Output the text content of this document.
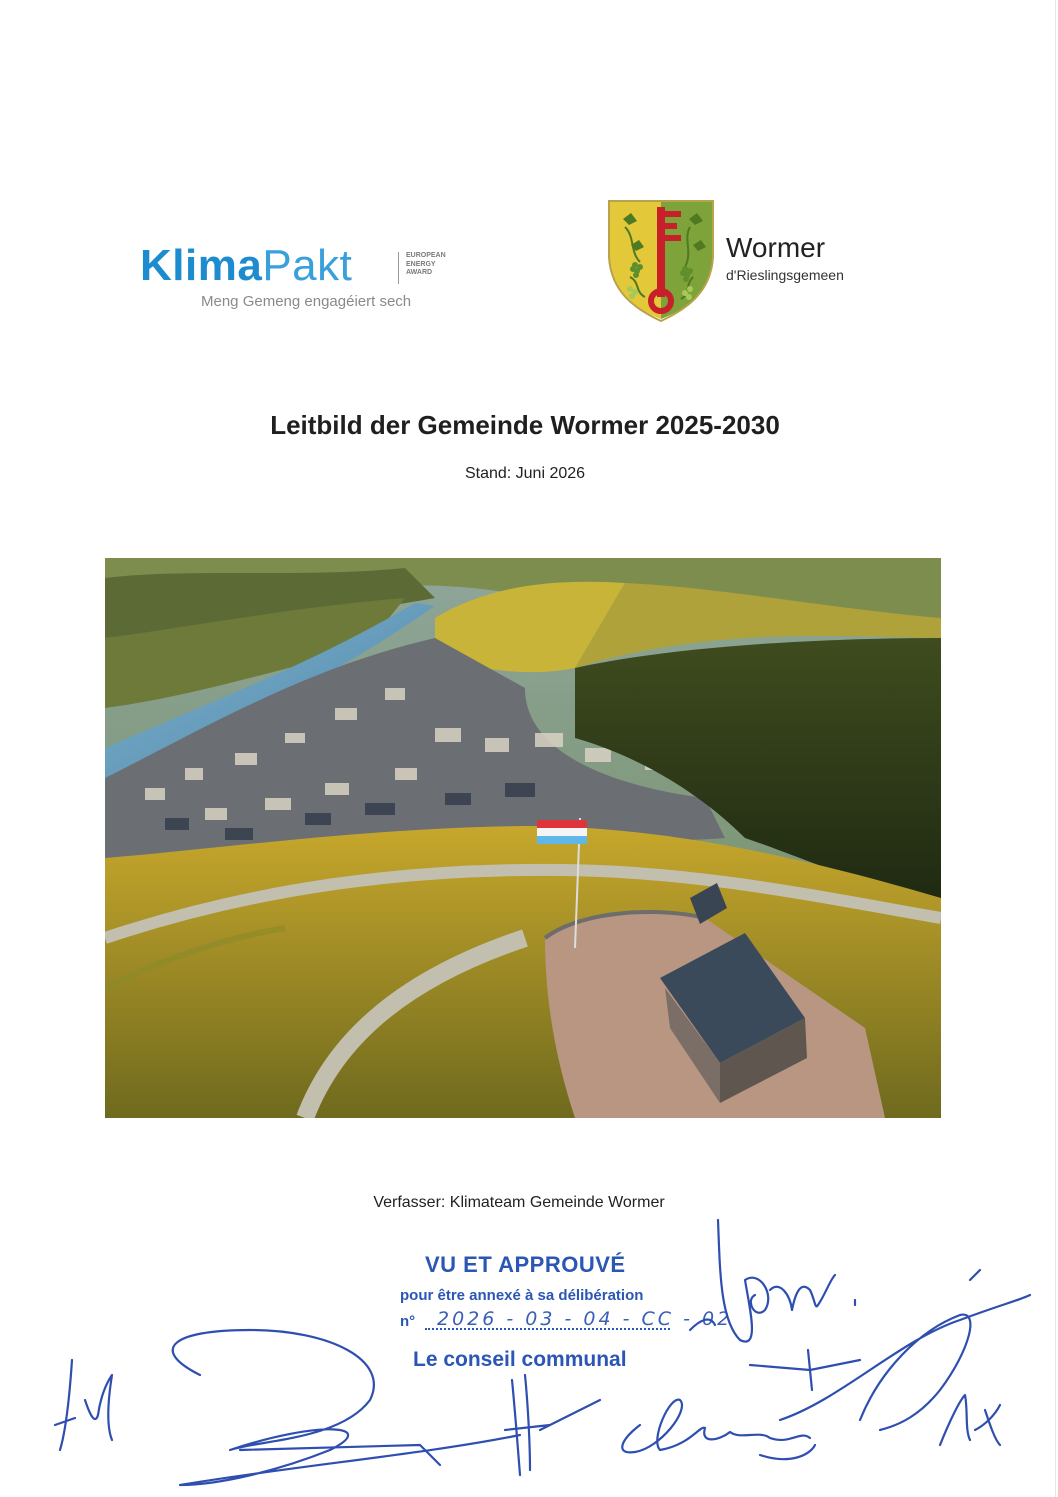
KlimaPakt	EUROPEAN
ENERGY
AWARD
Meng Gemeng engagéiert sech
Wormer
d'Rieslingsgemeen
Leitbild der Gemeinde Wormer 2025-2030
Stand: Juni 2026
Verfasser: Klimateam Gemeinde Wormer
VU ET APPROUVÉ
pour être annexé à sa délibération
n° 2026 - 03 - 04 - CC - 02
Le conseil communal
